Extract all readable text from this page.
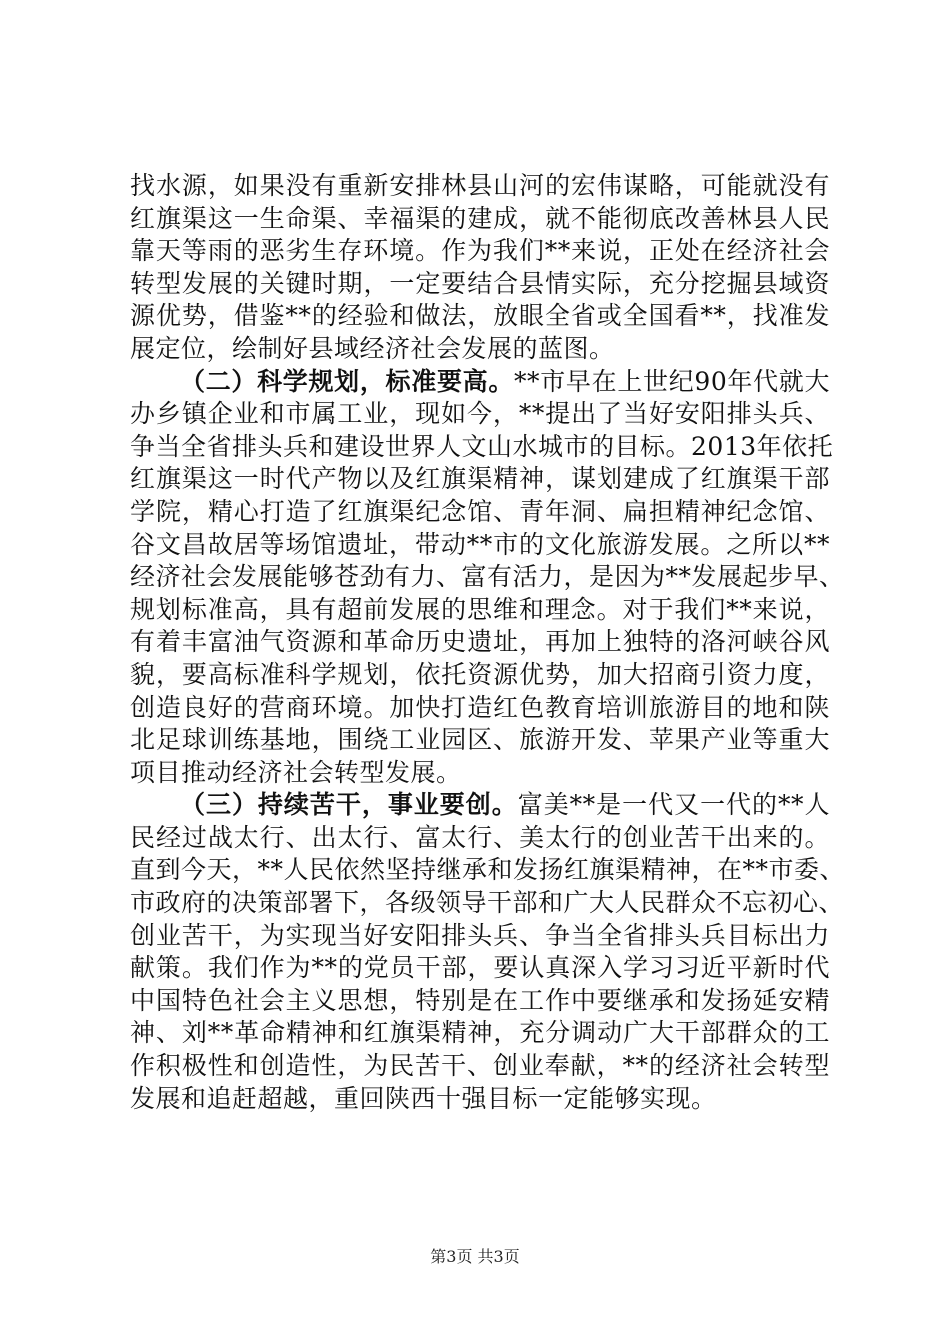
找水源，如果没有重新安排林县山河的宏伟谋略，可能就没有
红旗渠这一生命渠、幸福渠的建成，就不能彻底改善林县人民
靠天等雨的恶劣生存环境。作为我们**来说，正处在经济社会
转型发展的关键时期，一定要结合县情实际，充分挖掘县域资
源优势，借鉴**的经验和做法，放眼全省或全国看**，找准发
展定位，绘制好县域经济社会发展的蓝图。
（二）科学规划，标准要高。**市早在上世纪90年代就大
办乡镇企业和市属工业，现如今，**提出了当好安阳排头兵、
争当全省排头兵和建设世界人文山水城市的目标。2013年依托
红旗渠这一时代产物以及红旗渠精神，谋划建成了红旗渠干部
学院，精心打造了红旗渠纪念馆、青年洞、扁担精神纪念馆、
谷文昌故居等场馆遗址，带动**市的文化旅游发展。之所以**
经济社会发展能够苍劲有力、富有活力，是因为**发展起步早、
规划标准高，具有超前发展的思维和理念。对于我们**来说，
有着丰富油气资源和革命历史遗址，再加上独特的洛河峡谷风
貌，要高标准科学规划，依托资源优势，加大招商引资力度，
创造良好的营商环境。加快打造红色教育培训旅游目的地和陕
北足球训练基地，围绕工业园区、旅游开发、苹果产业等重大
项目推动经济社会转型发展。
（三）持续苦干，事业要创。富美**是一代又一代的**人
民经过战太行、出太行、富太行、美太行的创业苦干出来的。
直到今天，**人民依然坚持继承和发扬红旗渠精神，在**市委、
市政府的决策部署下，各级领导干部和广大人民群众不忘初心、
创业苦干，为实现当好安阳排头兵、争当全省排头兵目标出力
献策。我们作为**的党员干部，要认真深入学习习近平新时代
中国特色社会主义思想，特别是在工作中要继承和发扬延安精
神、刘**革命精神和红旗渠精神，充分调动广大干部群众的工
作积极性和创造性，为民苦干、创业奉献，**的经济社会转型
发展和追赶超越，重回陕西十强目标一定能够实现。
第3页 共3页
